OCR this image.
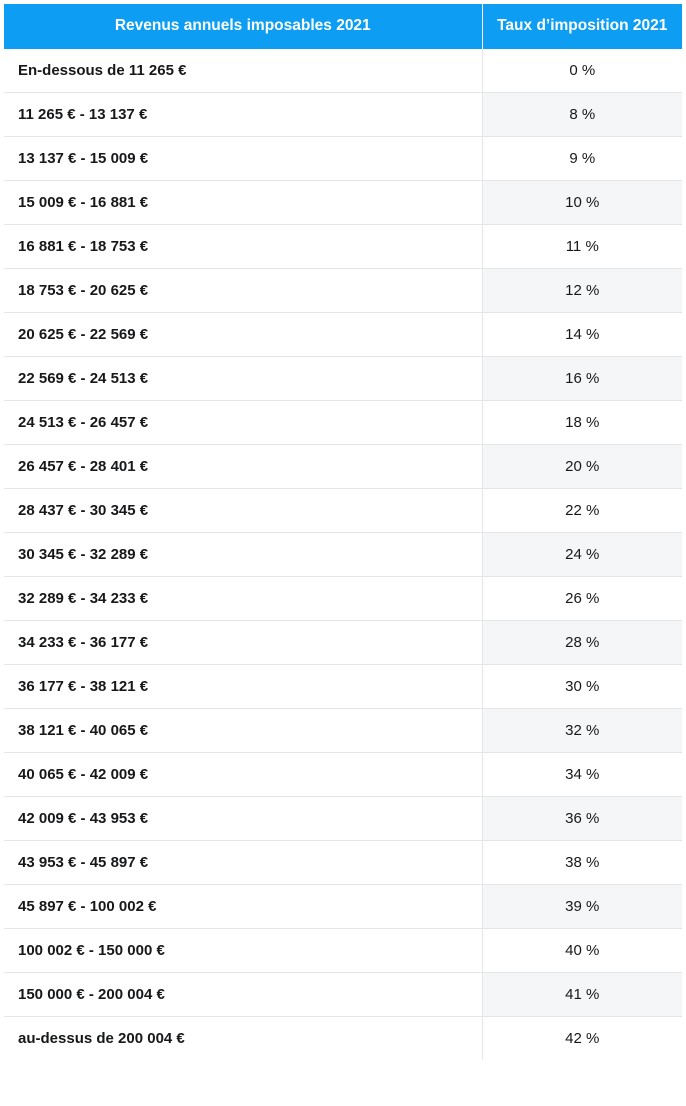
Revenus annuels imposables 2021	Taux d’imposition 2021
En-dessous de 11 265 €	0 %
11 265 € - 13 137 €	8 %
13 137 € - 15 009 €	9 %
15 009 € - 16 881 €	10 %
16 881 € - 18 753 €	11 %
18 753 € - 20 625 €	12 %
20 625 € - 22 569 €	14 %
22 569 € - 24 513 €	16 %
24 513 € - 26 457 €	18 %
26 457 € - 28 401 €	20 %
28 437 € - 30 345 €	22 %
30 345 € - 32 289 €	24 %
32 289 € - 34 233 €	26 %
34 233 € - 36 177 €	28 %
36 177 € - 38 121 €	30 %
38 121 € - 40 065 €	32 %
40 065 € - 42 009 €	34 %
42 009 € - 43 953 €	36 %
43 953 € - 45 897 €	38 %
45 897 € - 100 002 €	39 %
100 002 € - 150 000 €	40 %
150 000 € - 200 004 €	41 %
au-dessus de 200 004 €	42 %
